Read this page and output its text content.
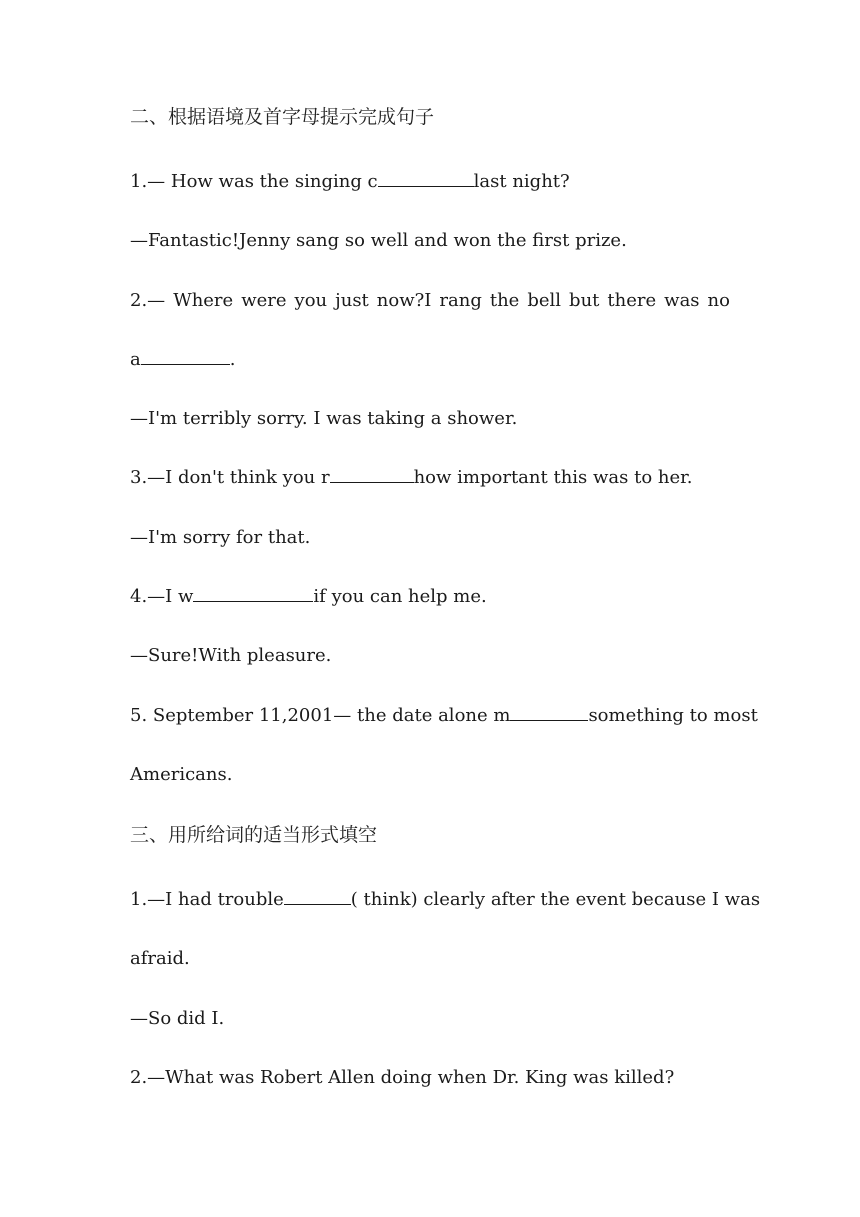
二、根据语境及首字母提示完成句子
1.— How was the singing c	last night?
—Fantastic!Jenny sang so well and won the first prize.
2.— Where were you just now?I rang the bell but there was no
a	.
—I'm terribly sorry. I was taking a shower.
3.—I don't think you r	how important this was to her.
—I'm sorry for that.
4.—I w	if you can help me.
—Sure!With pleasure.
5. September 11,2001— the date alone m	something to most
Americans.
三、用所给词的适当形式填空
1.—I had trouble	( think) clearly after the event because I was
afraid.
—So did I.
2.—What was Robert Allen doing when Dr. King was killed?
